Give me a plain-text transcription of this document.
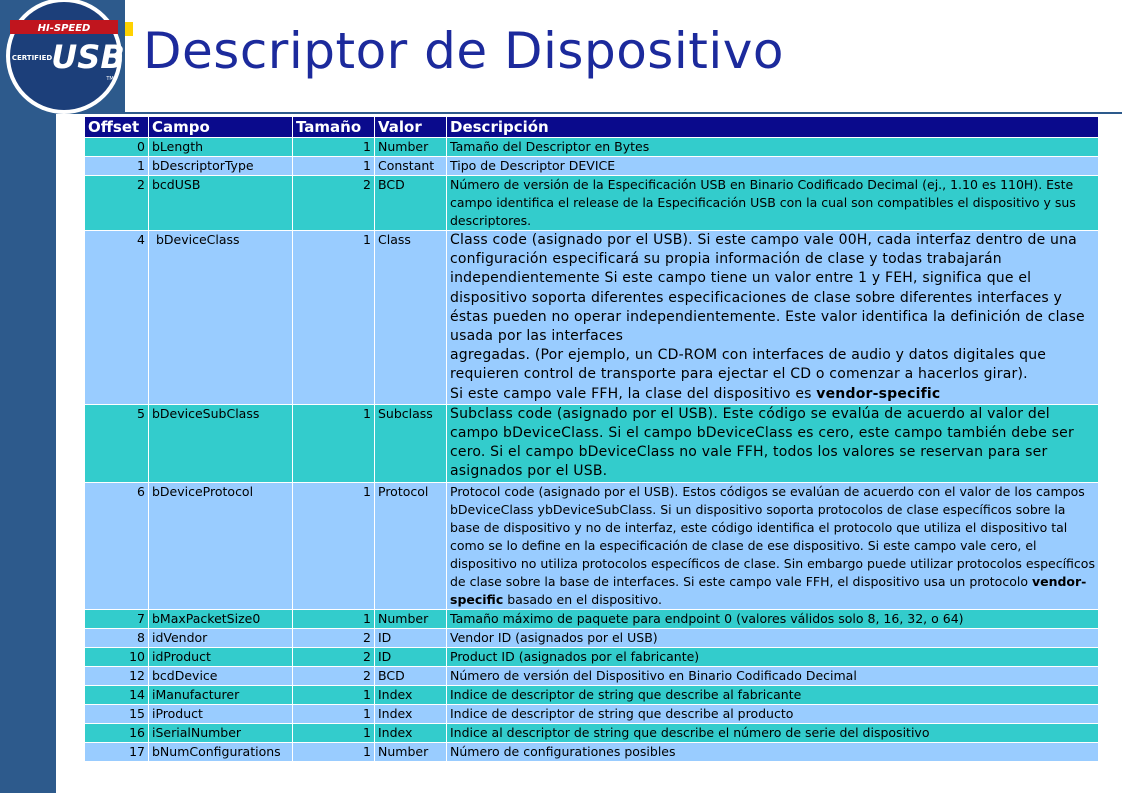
HI-SPEED
CERTIFIED USB
TM Descriptor de Dispositivo
Offset	Campo	Tamaño	Valor	Descripción
0	bLength	1	Number	Tamaño del Descriptor en Bytes
1	bDescriptorType	1	Constant	Tipo de Descriptor DEVICE
2	bcdUSB	2	BCD	Número de versión de la Especificación USB en Binario Codificado Decimal (ej., 1.10 es 110H). Este campo identifica el release de la Especificación USB con la cual son compatibles el dispositivo y sus descriptores.
4	bDeviceClass	1	Class	Class code (asignado por el USB). Si este campo vale 00H, cada interfaz dentro de una configuración especificará su propia información de clase y todas trabajarán independientemente Si este campo tiene un valor entre 1 y FEH, significa que el dispositivo soporta diferentes especificaciones de clase sobre diferentes interfaces y éstas pueden no operar independientemente. Este valor identifica la definición de clase usada por las interfaces
agregadas. (Por ejemplo, un CD-ROM con interfaces de audio y datos digitales que requieren control de transporte para ejectar el CD o comenzar a hacerlos girar).
Si este campo vale FFH, la clase del dispositivo es vendor-specific
5	bDeviceSubClass	1	Subclass	Subclass code (asignado por el USB). Este código se evalúa de acuerdo al valor del campo bDeviceClass. Si el campo bDeviceClass es cero, este campo también debe ser cero. Si el campo bDeviceClass no vale FFH, todos los valores se reservan para ser asignados por el USB.
6	bDeviceProtocol	1	Protocol	Protocol code (asignado por el USB). Estos códigos se evalúan de acuerdo con el valor de los campos bDeviceClass ybDeviceSubClass. Si un dispositivo soporta protocolos de clase específicos sobre la base de dispositivo y no de interfaz, este código identifica el protocolo que utiliza el dispositivo tal como se lo define en la especificación de clase de ese dispositivo. Si este campo vale cero, el dispositivo no utiliza protocolos específicos de clase. Sin embargo puede utilizar protocolos específicos de clase sobre la base de interfaces. Si este campo vale FFH, el dispositivo usa un protocolo vendor-specific basado en el dispositivo.
7	bMaxPacketSize0	1	Number	Tamaño máximo de paquete para endpoint 0 (valores válidos solo 8, 16, 32, o 64)
8	idVendor	2	ID	Vendor ID (asignados por el USB)
10	idProduct	2	ID	Product ID (asignados por el fabricante)
12	bcdDevice	2	BCD	Número de versión del Dispositivo en Binario Codificado Decimal
14	iManufacturer	1	Index	Indice de descriptor de string que describe al fabricante
15	iProduct	1	Index	Indice de descriptor de string que describe al producto
16	iSerialNumber	1	Index	Indice al descriptor de string que describe el número de serie del dispositivo
17	bNumConfigurations	1	Number	Número de configurationes posibles
